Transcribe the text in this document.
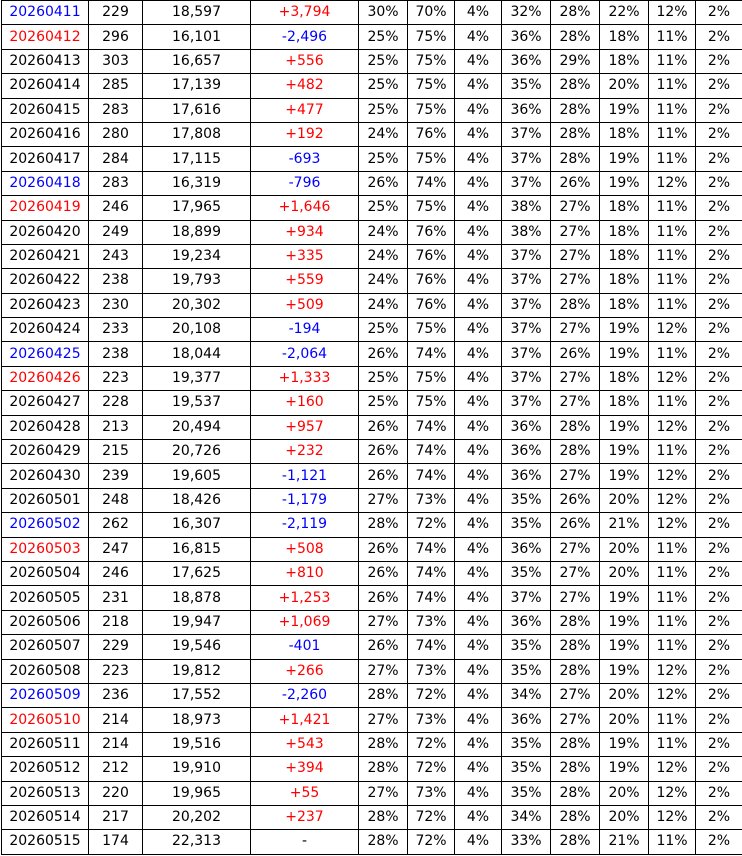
20260411	229	18,597	+3,794	30%	70%	4%	32%	28%	22%	12%	2%
20260412	296	16,101	-2,496	25%	75%	4%	36%	28%	18%	11%	2%
20260413	303	16,657	+556	25%	75%	4%	36%	29%	18%	11%	2%
20260414	285	17,139	+482	25%	75%	4%	35%	28%	20%	11%	2%
20260415	283	17,616	+477	25%	75%	4%	36%	28%	19%	11%	2%
20260416	280	17,808	+192	24%	76%	4%	37%	28%	18%	11%	2%
20260417	284	17,115	-693	25%	75%	4%	37%	28%	19%	11%	2%
20260418	283	16,319	-796	26%	74%	4%	37%	26%	19%	12%	2%
20260419	246	17,965	+1,646	25%	75%	4%	38%	27%	18%	11%	2%
20260420	249	18,899	+934	24%	76%	4%	38%	27%	18%	11%	2%
20260421	243	19,234	+335	24%	76%	4%	37%	27%	18%	11%	2%
20260422	238	19,793	+559	24%	76%	4%	37%	27%	18%	11%	2%
20260423	230	20,302	+509	24%	76%	4%	37%	28%	18%	11%	2%
20260424	233	20,108	-194	25%	75%	4%	37%	27%	19%	12%	2%
20260425	238	18,044	-2,064	26%	74%	4%	37%	26%	19%	11%	2%
20260426	223	19,377	+1,333	25%	75%	4%	37%	27%	18%	12%	2%
20260427	228	19,537	+160	25%	75%	4%	37%	27%	18%	11%	2%
20260428	213	20,494	+957	26%	74%	4%	36%	28%	19%	12%	2%
20260429	215	20,726	+232	26%	74%	4%	36%	28%	19%	11%	2%
20260430	239	19,605	-1,121	26%	74%	4%	36%	27%	19%	12%	2%
20260501	248	18,426	-1,179	27%	73%	4%	35%	26%	20%	12%	2%
20260502	262	16,307	-2,119	28%	72%	4%	35%	26%	21%	12%	2%
20260503	247	16,815	+508	26%	74%	4%	36%	27%	20%	11%	2%
20260504	246	17,625	+810	26%	74%	4%	35%	27%	20%	11%	2%
20260505	231	18,878	+1,253	26%	74%	4%	37%	27%	19%	11%	2%
20260506	218	19,947	+1,069	27%	73%	4%	36%	28%	19%	11%	2%
20260507	229	19,546	-401	26%	74%	4%	35%	28%	19%	11%	2%
20260508	223	19,812	+266	27%	73%	4%	35%	28%	19%	12%	2%
20260509	236	17,552	-2,260	28%	72%	4%	34%	27%	20%	12%	2%
20260510	214	18,973	+1,421	27%	73%	4%	36%	27%	20%	11%	2%
20260511	214	19,516	+543	28%	72%	4%	35%	28%	19%	11%	2%
20260512	212	19,910	+394	28%	72%	4%	35%	28%	19%	12%	2%
20260513	220	19,965	+55	27%	73%	4%	35%	28%	20%	12%	2%
20260514	217	20,202	+237	28%	72%	4%	34%	28%	20%	12%	2%
20260515	174	22,313	-	28%	72%	4%	33%	28%	21%	11%	2%
